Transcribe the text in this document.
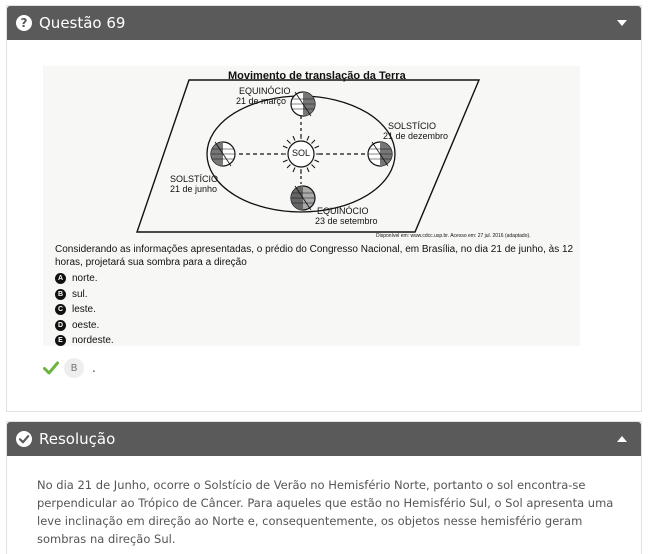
? Questão 69
Movimento de translação da Terra
EQUINÓCIO
21 de março
SOLSTÍCIO
21 de dezembro
SOLSTÍCIO
21 de junho
EQUINÓCIO
23 de setembro
SOL
Disponível em: www.cdcc.usp.br. Acesso em: 27 jul. 2016 (adaptado).
Considerando as informações apresentadas, o prédio do Congresso Nacional, em Brasília, no dia 21 de junho, às 12 horas, projetará sua sombra para a direção
A norte.
B sul.
C leste.
D oeste.
E nordeste.
B	.
Resolução
No dia 21 de Junho, ocorre o Solstício de Verão no Hemisfério Norte, portanto o sol encontra-se perpendicular ao Trópico de Câncer. Para aqueles que estão no Hemisfério Sul, o Sol apresenta uma leve inclinação em direção ao Norte e, consequentemente, os objetos nesse hemisfério geram sombras na direção Sul.
